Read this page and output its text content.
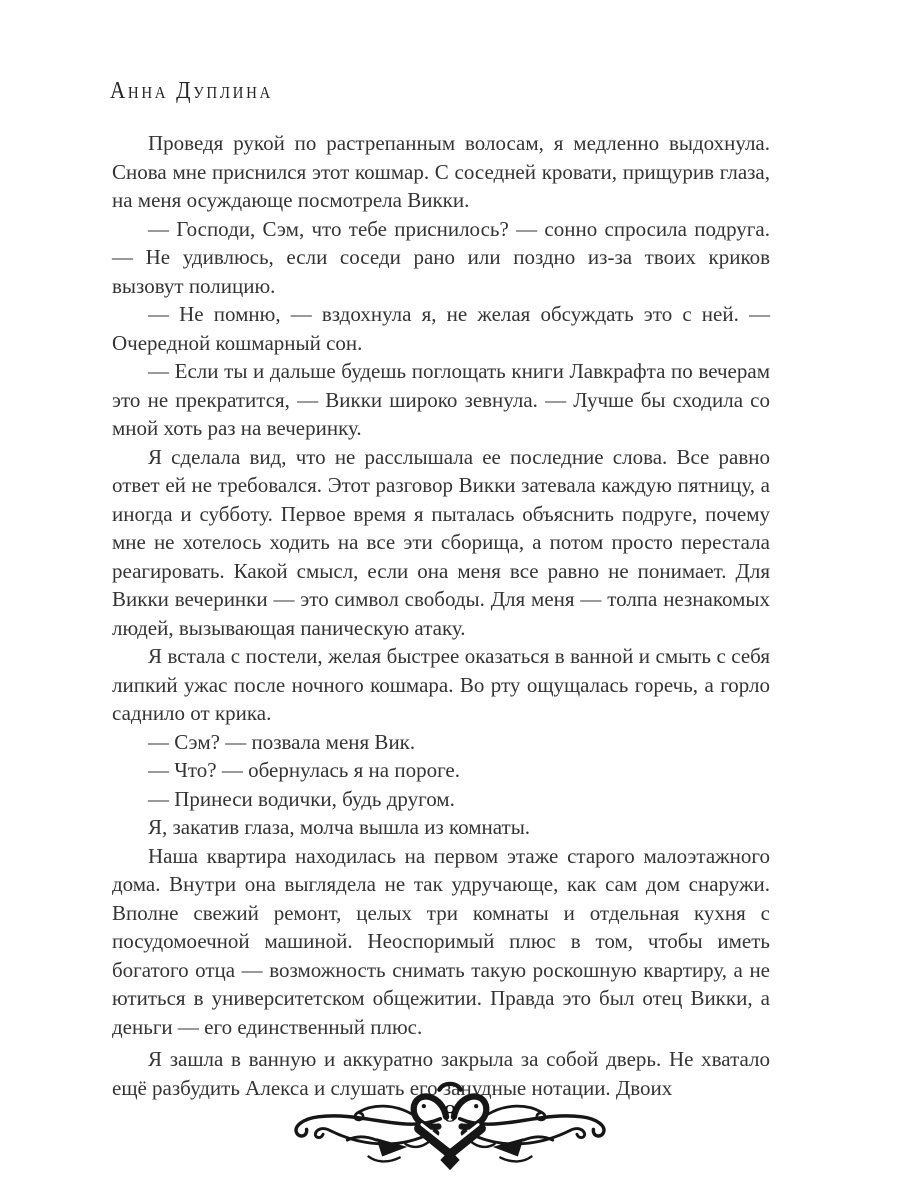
Анна Дуплина

Проведя рукой по растрепанным волосам, я медленно выдохнула. Снова мне приснился этот кошмар. С соседней кровати, прищурив глаза, на меня осуждающе посмотрела Викки.

— Господи, Сэм, что тебе приснилось? — сонно спросила подруга. — Не удивлюсь, если соседи рано или поздно из-за твоих криков вызовут полицию.

— Не помню, — вздохнула я, не желая обсуждать это с ней. — Очередной кошмарный сон.

— Если ты и дальше будешь поглощать книги Лавкрафта по вечерам это не прекратится, — Викки широко зевнула. — Лучше бы сходила со мной хоть раз на вечеринку.

Я сделала вид, что не расслышала ее последние слова. Все равно ответ ей не требовался. Этот разговор Викки затевала каждую пятницу, а иногда и субботу. Первое время я пыталась объяснить подруге, почему мне не хотелось ходить на все эти сборища, а потом просто перестала реагировать. Какой смысл, если она меня все равно не понимает. Для Викки вечеринки — это символ свободы. Для меня — толпа незнакомых людей, вызывающая паническую атаку.

Я встала с постели, желая быстрее оказаться в ванной и смыть с себя липкий ужас после ночного кошмара. Во рту ощущалась горечь, а горло саднило от крика.

— Сэм? — позвала меня Вик.

— Что? — обернулась я на пороге.

— Принеси водички, будь другом.

Я, закатив глаза, молча вышла из комнаты.

Наша квартира находилась на первом этаже старого малоэтажного дома. Внутри она выглядела не так удручающе, как сам дом снаружи. Вполне свежий ремонт, целых три комнаты и отдельная кухня с посудомоечной машиной. Неоспоримый плюс в том, чтобы иметь богатого отца — возможность снимать такую роскошную квартиру, а не ютиться в университетском общежитии. Правда это был отец Викки, а деньги — его единственный плюс.

Я зашла в ванную и аккуратно закрыла за собой дверь. Не хватало ещё разбудить Алекса и слушать его занудные нотации. Двоих

8
